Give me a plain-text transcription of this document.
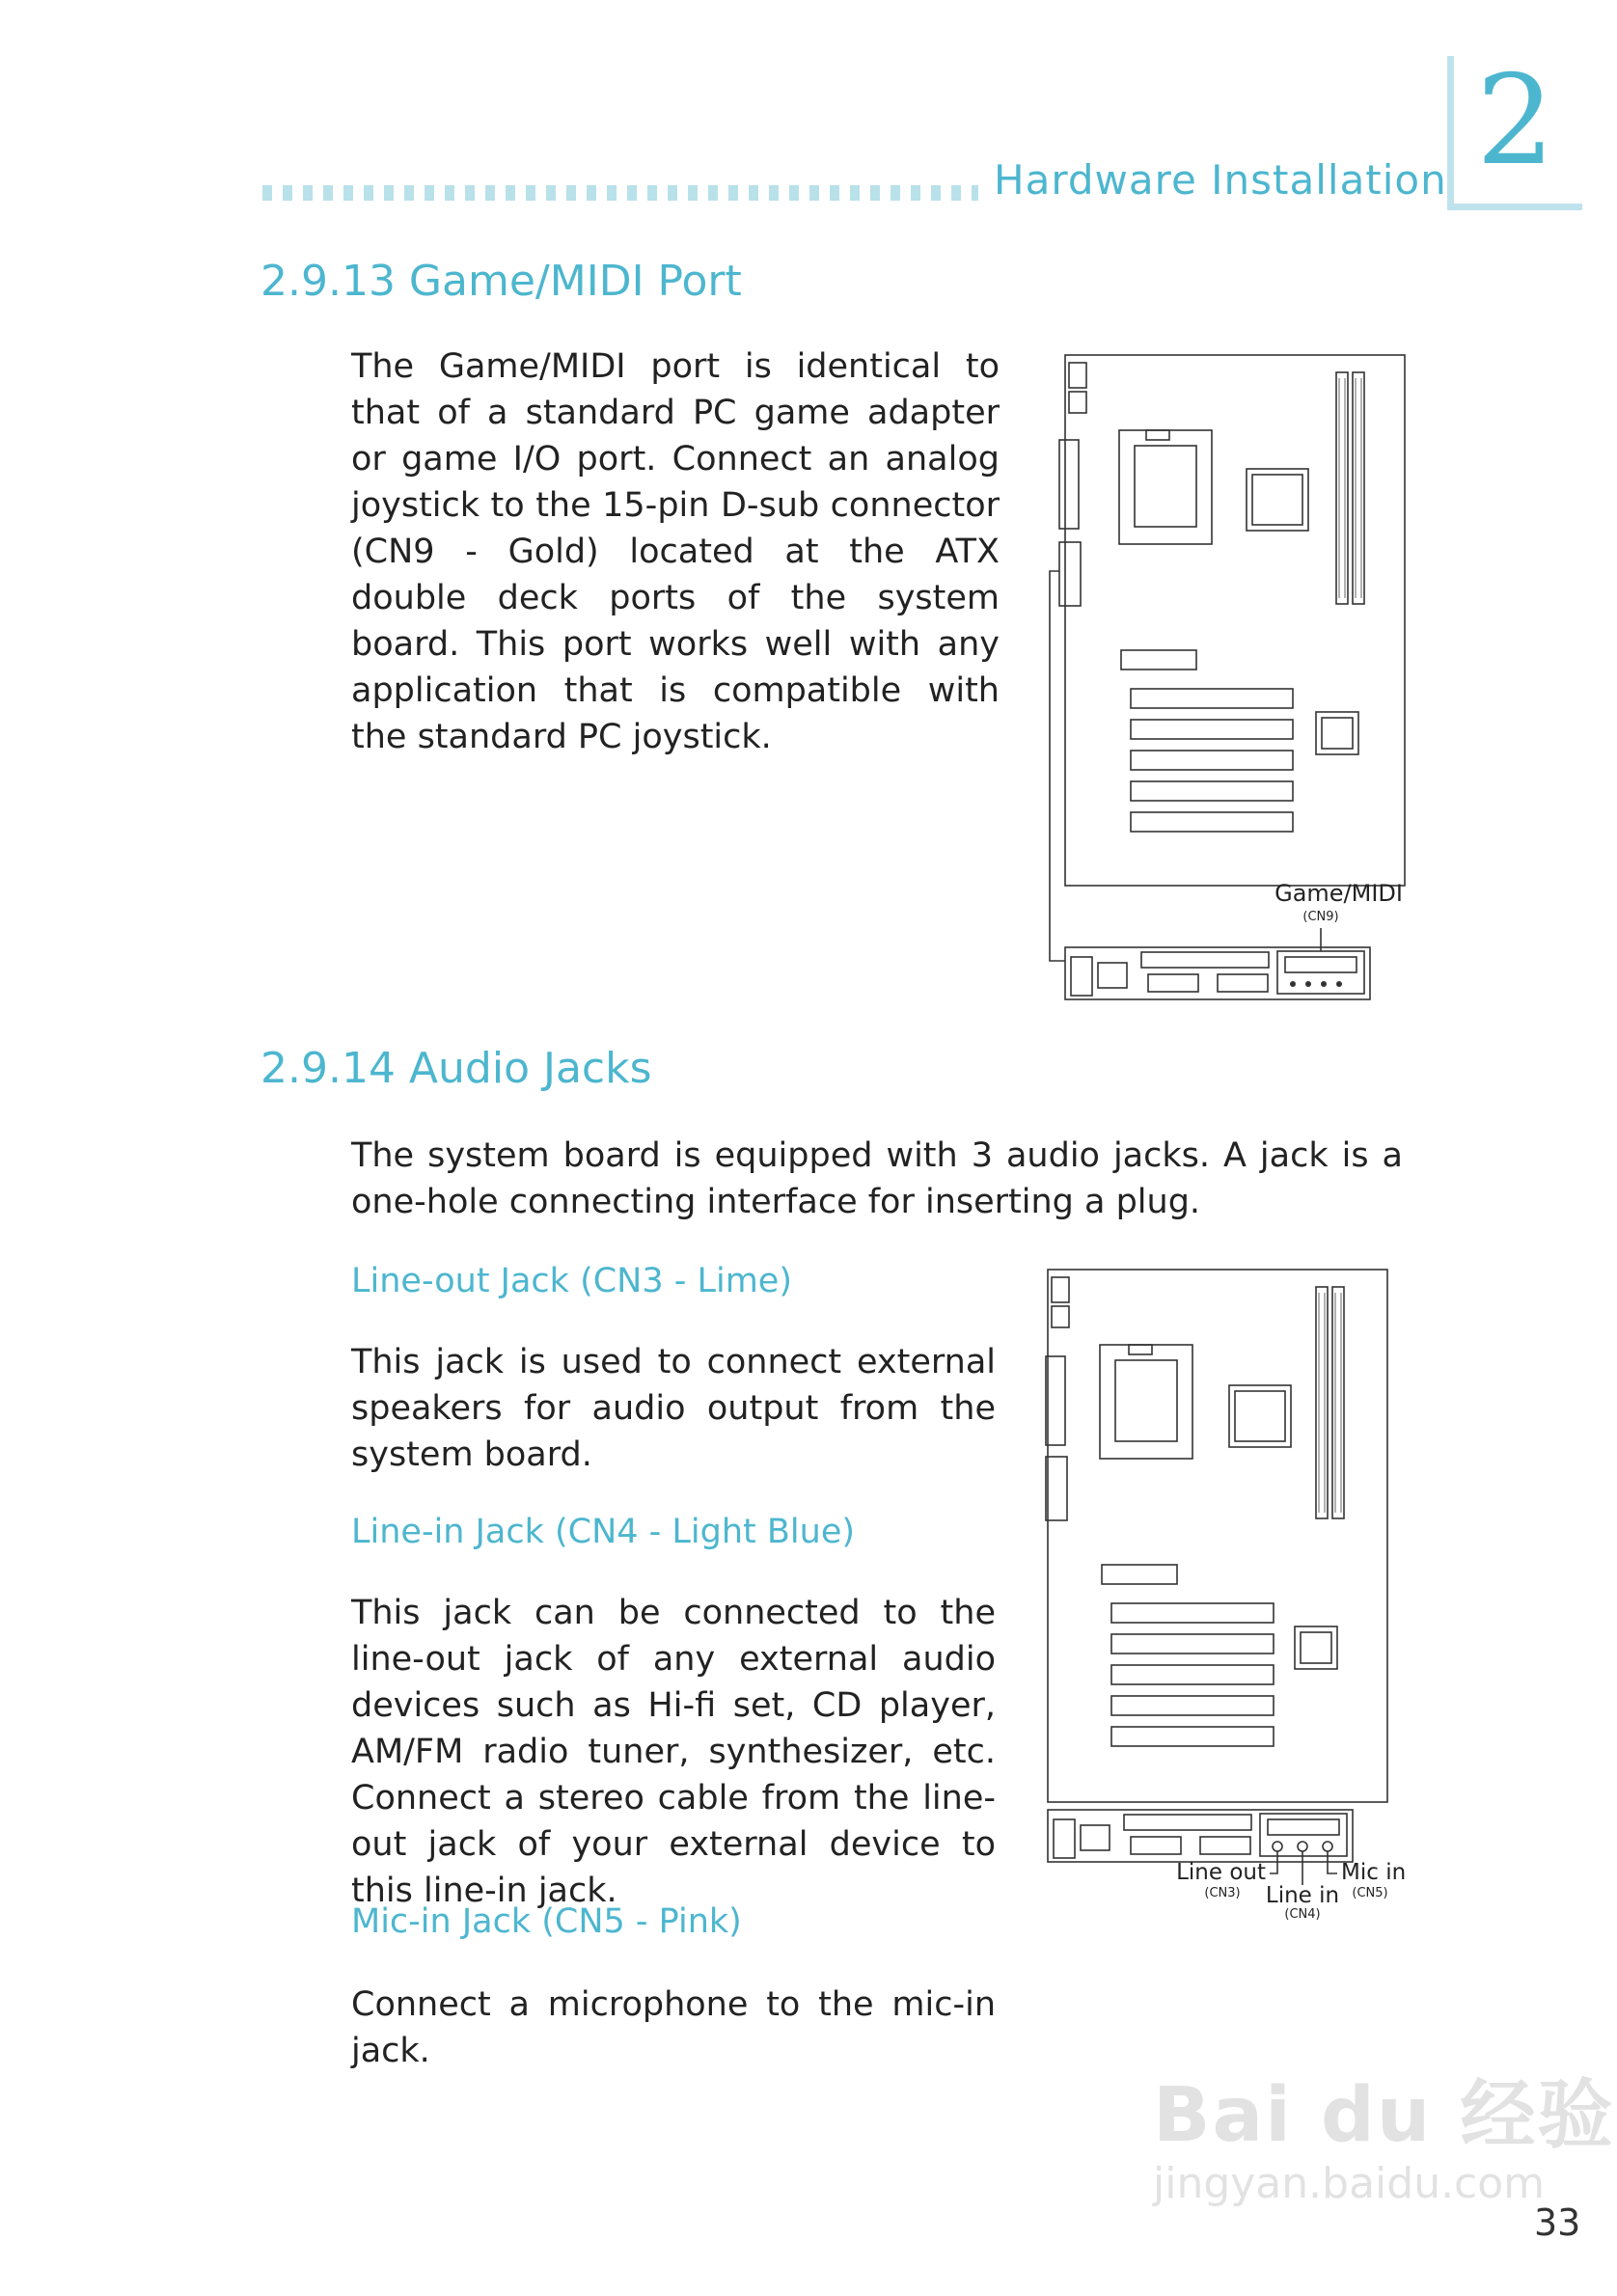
Hardware Installation 2
2.9.13 Game/MIDI Port
The Game/MIDI port is identical to that of a standard PC game adapter or game I/O port. Connect an analog joystick to the 15-pin D-sub connector (CN9 - Gold) located at the ATX double deck ports of the system board. This port works well with any application that is compatible with the standard PC joystick.
Game/MIDI
(CN9)
2.9.14 Audio Jacks
The system board is equipped with 3 audio jacks. A jack is a one-hole connecting interface for inserting a plug.
Line-out Jack (CN3 - Lime)
This jack is used to connect external speakers for audio output from the system board.
Line-in Jack (CN4 - Light Blue)
This jack can be connected to the line-out jack of any external audio devices such as Hi-fi set, CD player, AM/FM radio tuner, synthesizer, etc. Connect a stereo cable from the line-out jack of your external device to this line-in jack.
Mic-in Jack (CN5 - Pink)
Connect a microphone to the mic-in jack.
Line out
(CN3) Line in
(CN4)
Mic in
(CN5)
Bai du 经验
jingyan.baidu.com
33
